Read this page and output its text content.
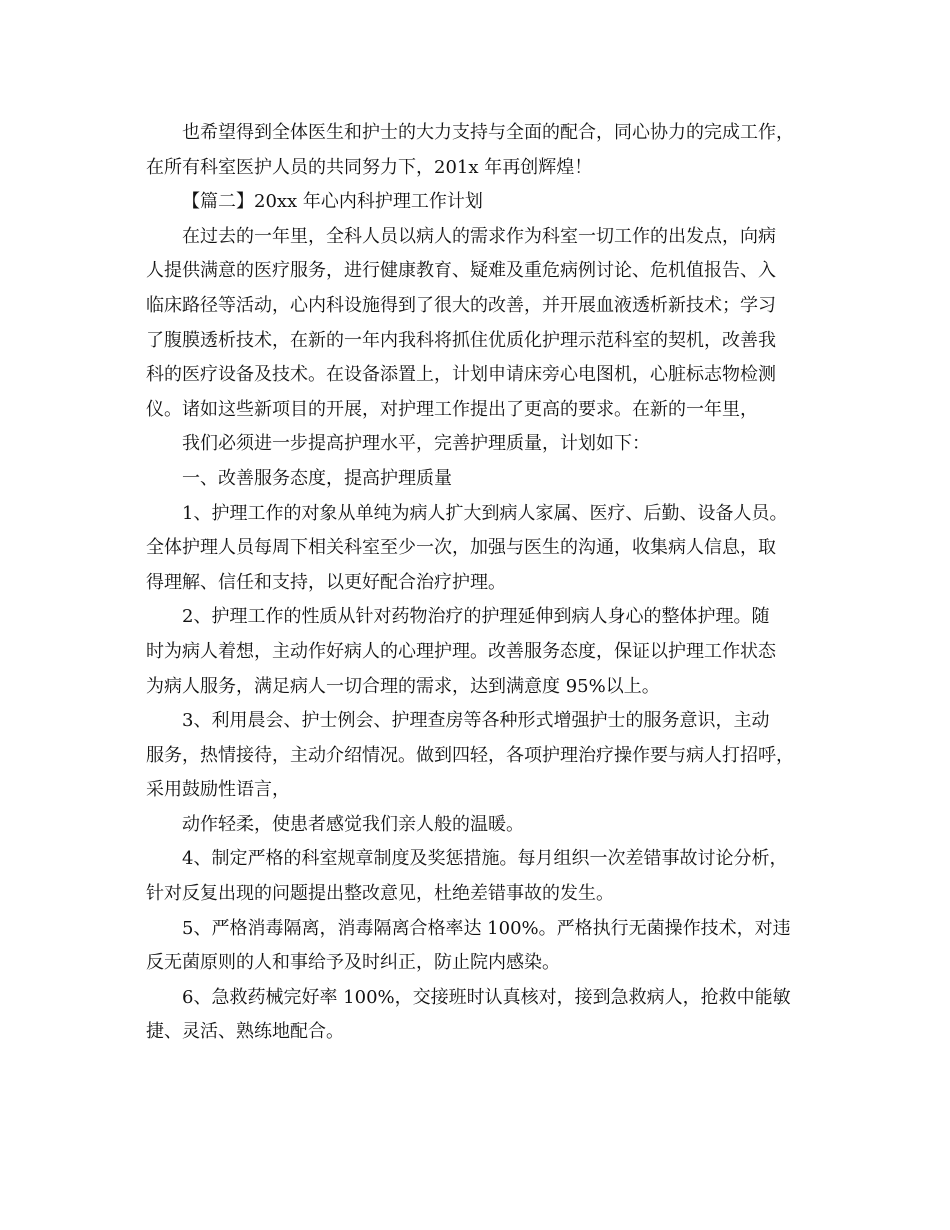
也希望得到全体医生和护士的大力支持与全面的配合，同心协力的完成工作，
在所有科室医护人员的共同努力下，201x 年再创辉煌！

【篇二】20xx 年心内科护理工作计划

在过去的一年里，全科人员以病人的需求作为科室一切工作的出发点，向病
人提供满意的医疗服务，进行健康教育、疑难及重危病例讨论、危机值报告、入
临床路径等活动，心内科设施得到了很大的改善，并开展血液透析新技术；学习
了腹膜透析技术，在新的一年内我科将抓住优质化护理示范科室的契机，改善我
科的医疗设备及技术。在设备添置上，计划申请床旁心电图机，心脏标志物检测
仪。诸如这些新项目的开展，对护理工作提出了更高的要求。在新的一年里，

我们必须进一步提高护理水平，完善护理质量，计划如下：

一、改善服务态度，提高护理质量

1、护理工作的对象从单纯为病人扩大到病人家属、医疗、后勤、设备人员。
全体护理人员每周下相关科室至少一次，加强与医生的沟通，收集病人信息，取
得理解、信任和支持，以更好配合治疗护理。

2、护理工作的性质从针对药物治疗的护理延伸到病人身心的整体护理。随
时为病人着想，主动作好病人的心理护理。改善服务态度，保证以护理工作状态
为病人服务，满足病人一切合理的需求，达到满意度 95%以上。

3、利用晨会、护士例会、护理查房等各种形式增强护士的服务意识，主动
服务，热情接待，主动介绍情况。做到四轻，各项护理治疗操作要与病人打招呼，
采用鼓励性语言，

动作轻柔，使患者感觉我们亲人般的温暖。

4、制定严格的科室规章制度及奖惩措施。每月组织一次差错事故讨论分析，
针对反复出现的问题提出整改意见，杜绝差错事故的发生。

5、严格消毒隔离，消毒隔离合格率达 100%。严格执行无菌操作技术，对违
反无菌原则的人和事给予及时纠正，防止院内感染。

6、急救药械完好率 100%，交接班时认真核对，接到急救病人，抢救中能敏
捷、灵活、熟练地配合。
